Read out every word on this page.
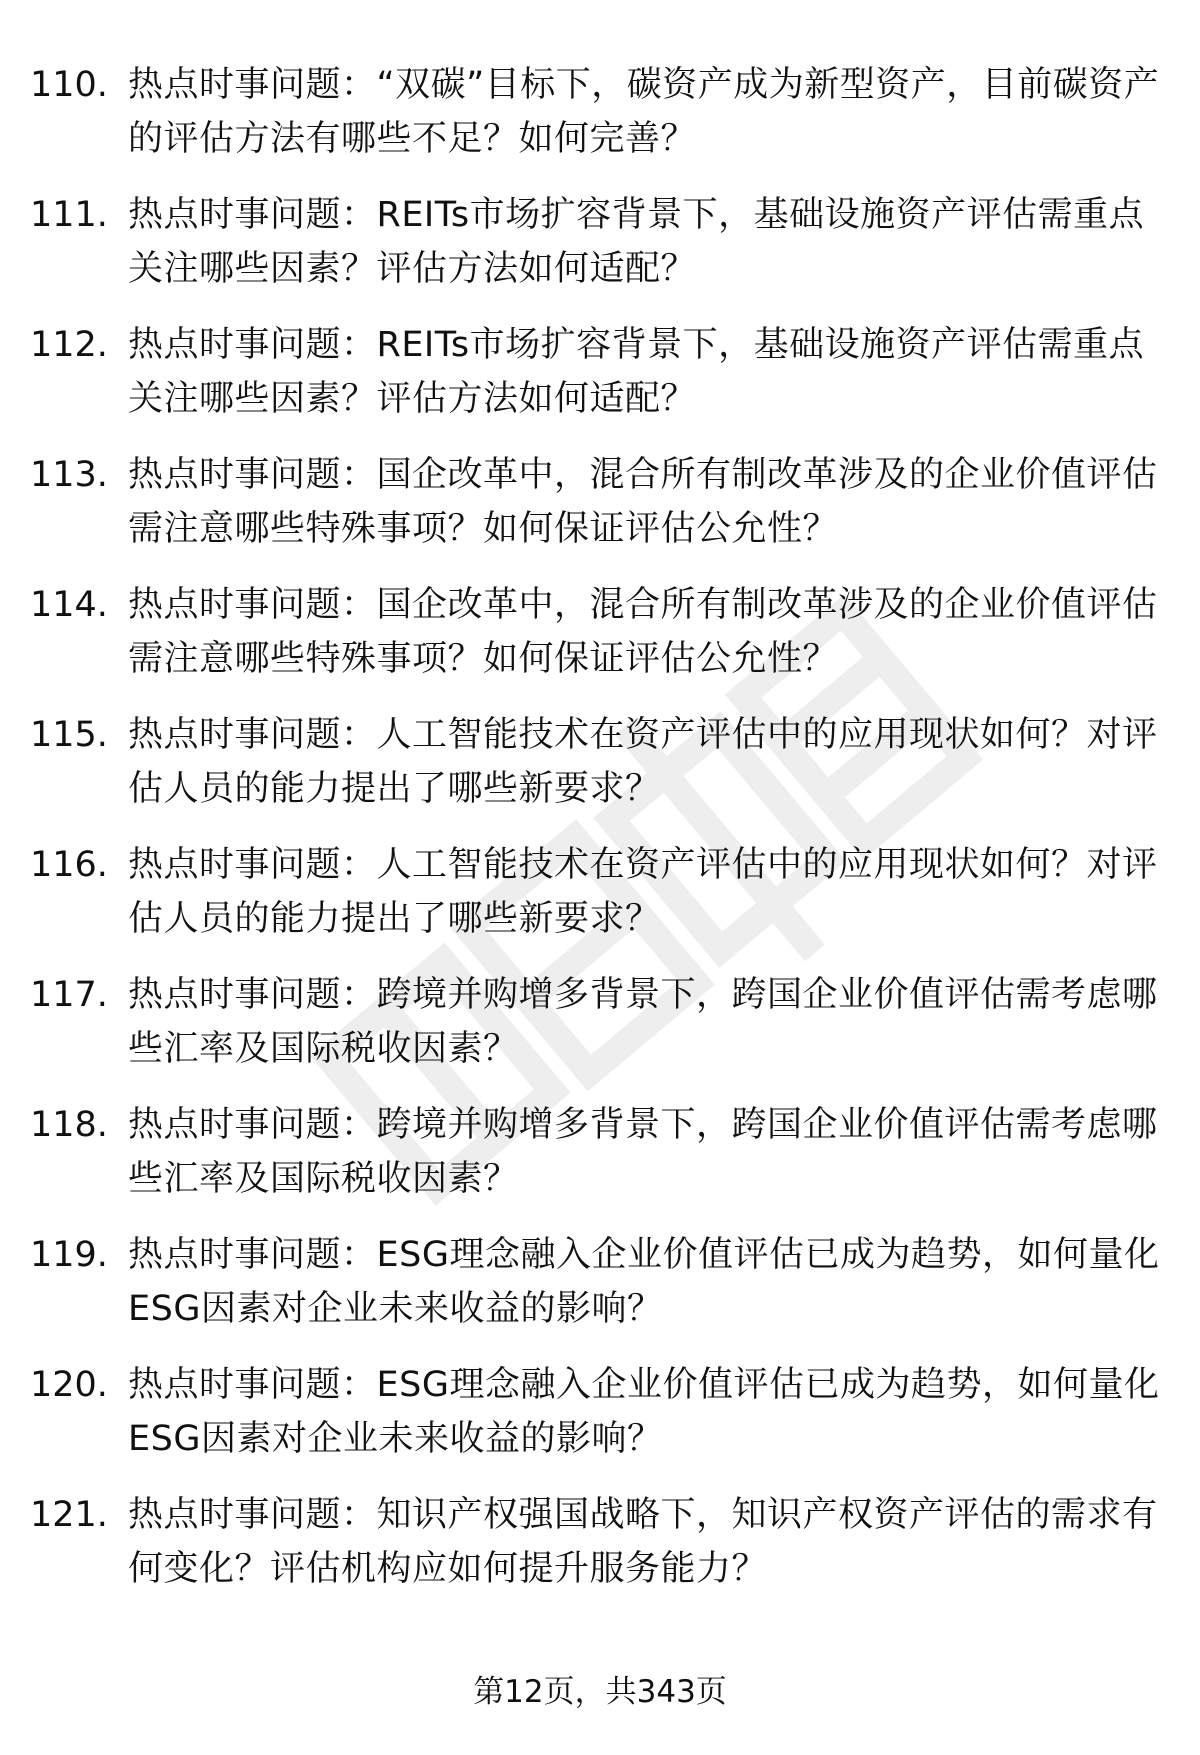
110. 热点时事问题：“双碳”目标下，碳资产成为新型资产，目前碳资产的评估方法有哪些不足？如何完善？
111. 热点时事问题：REITs市场扩容背景下，基础设施资产评估需重点关注哪些因素？评估方法如何适配？
112. 热点时事问题：REITs市场扩容背景下，基础设施资产评估需重点关注哪些因素？评估方法如何适配？
113. 热点时事问题：国企改革中，混合所有制改革涉及的企业价值评估需注意哪些特殊事项？如何保证评估公允性？
114. 热点时事问题：国企改革中，混合所有制改革涉及的企业价值评估需注意哪些特殊事项？如何保证评估公允性？
115. 热点时事问题：人工智能技术在资产评估中的应用现状如何？对评估人员的能力提出了哪些新要求？
116. 热点时事问题：人工智能技术在资产评估中的应用现状如何？对评估人员的能力提出了哪些新要求？
117. 热点时事问题：跨境并购增多背景下，跨国企业价值评估需考虑哪些汇率及国际税收因素？
118. 热点时事问题：跨境并购增多背景下，跨国企业价值评估需考虑哪些汇率及国际税收因素？
119. 热点时事问题：ESG理念融入企业价值评估已成为趋势，如何量化ESG因素对企业未来收益的影响？
120. 热点时事问题：ESG理念融入企业价值评估已成为趋势，如何量化ESG因素对企业未来收益的影响？
121. 热点时事问题：知识产权强国战略下，知识产权资产评估的需求有何变化？评估机构应如何提升服务能力？
第12页，共343页
